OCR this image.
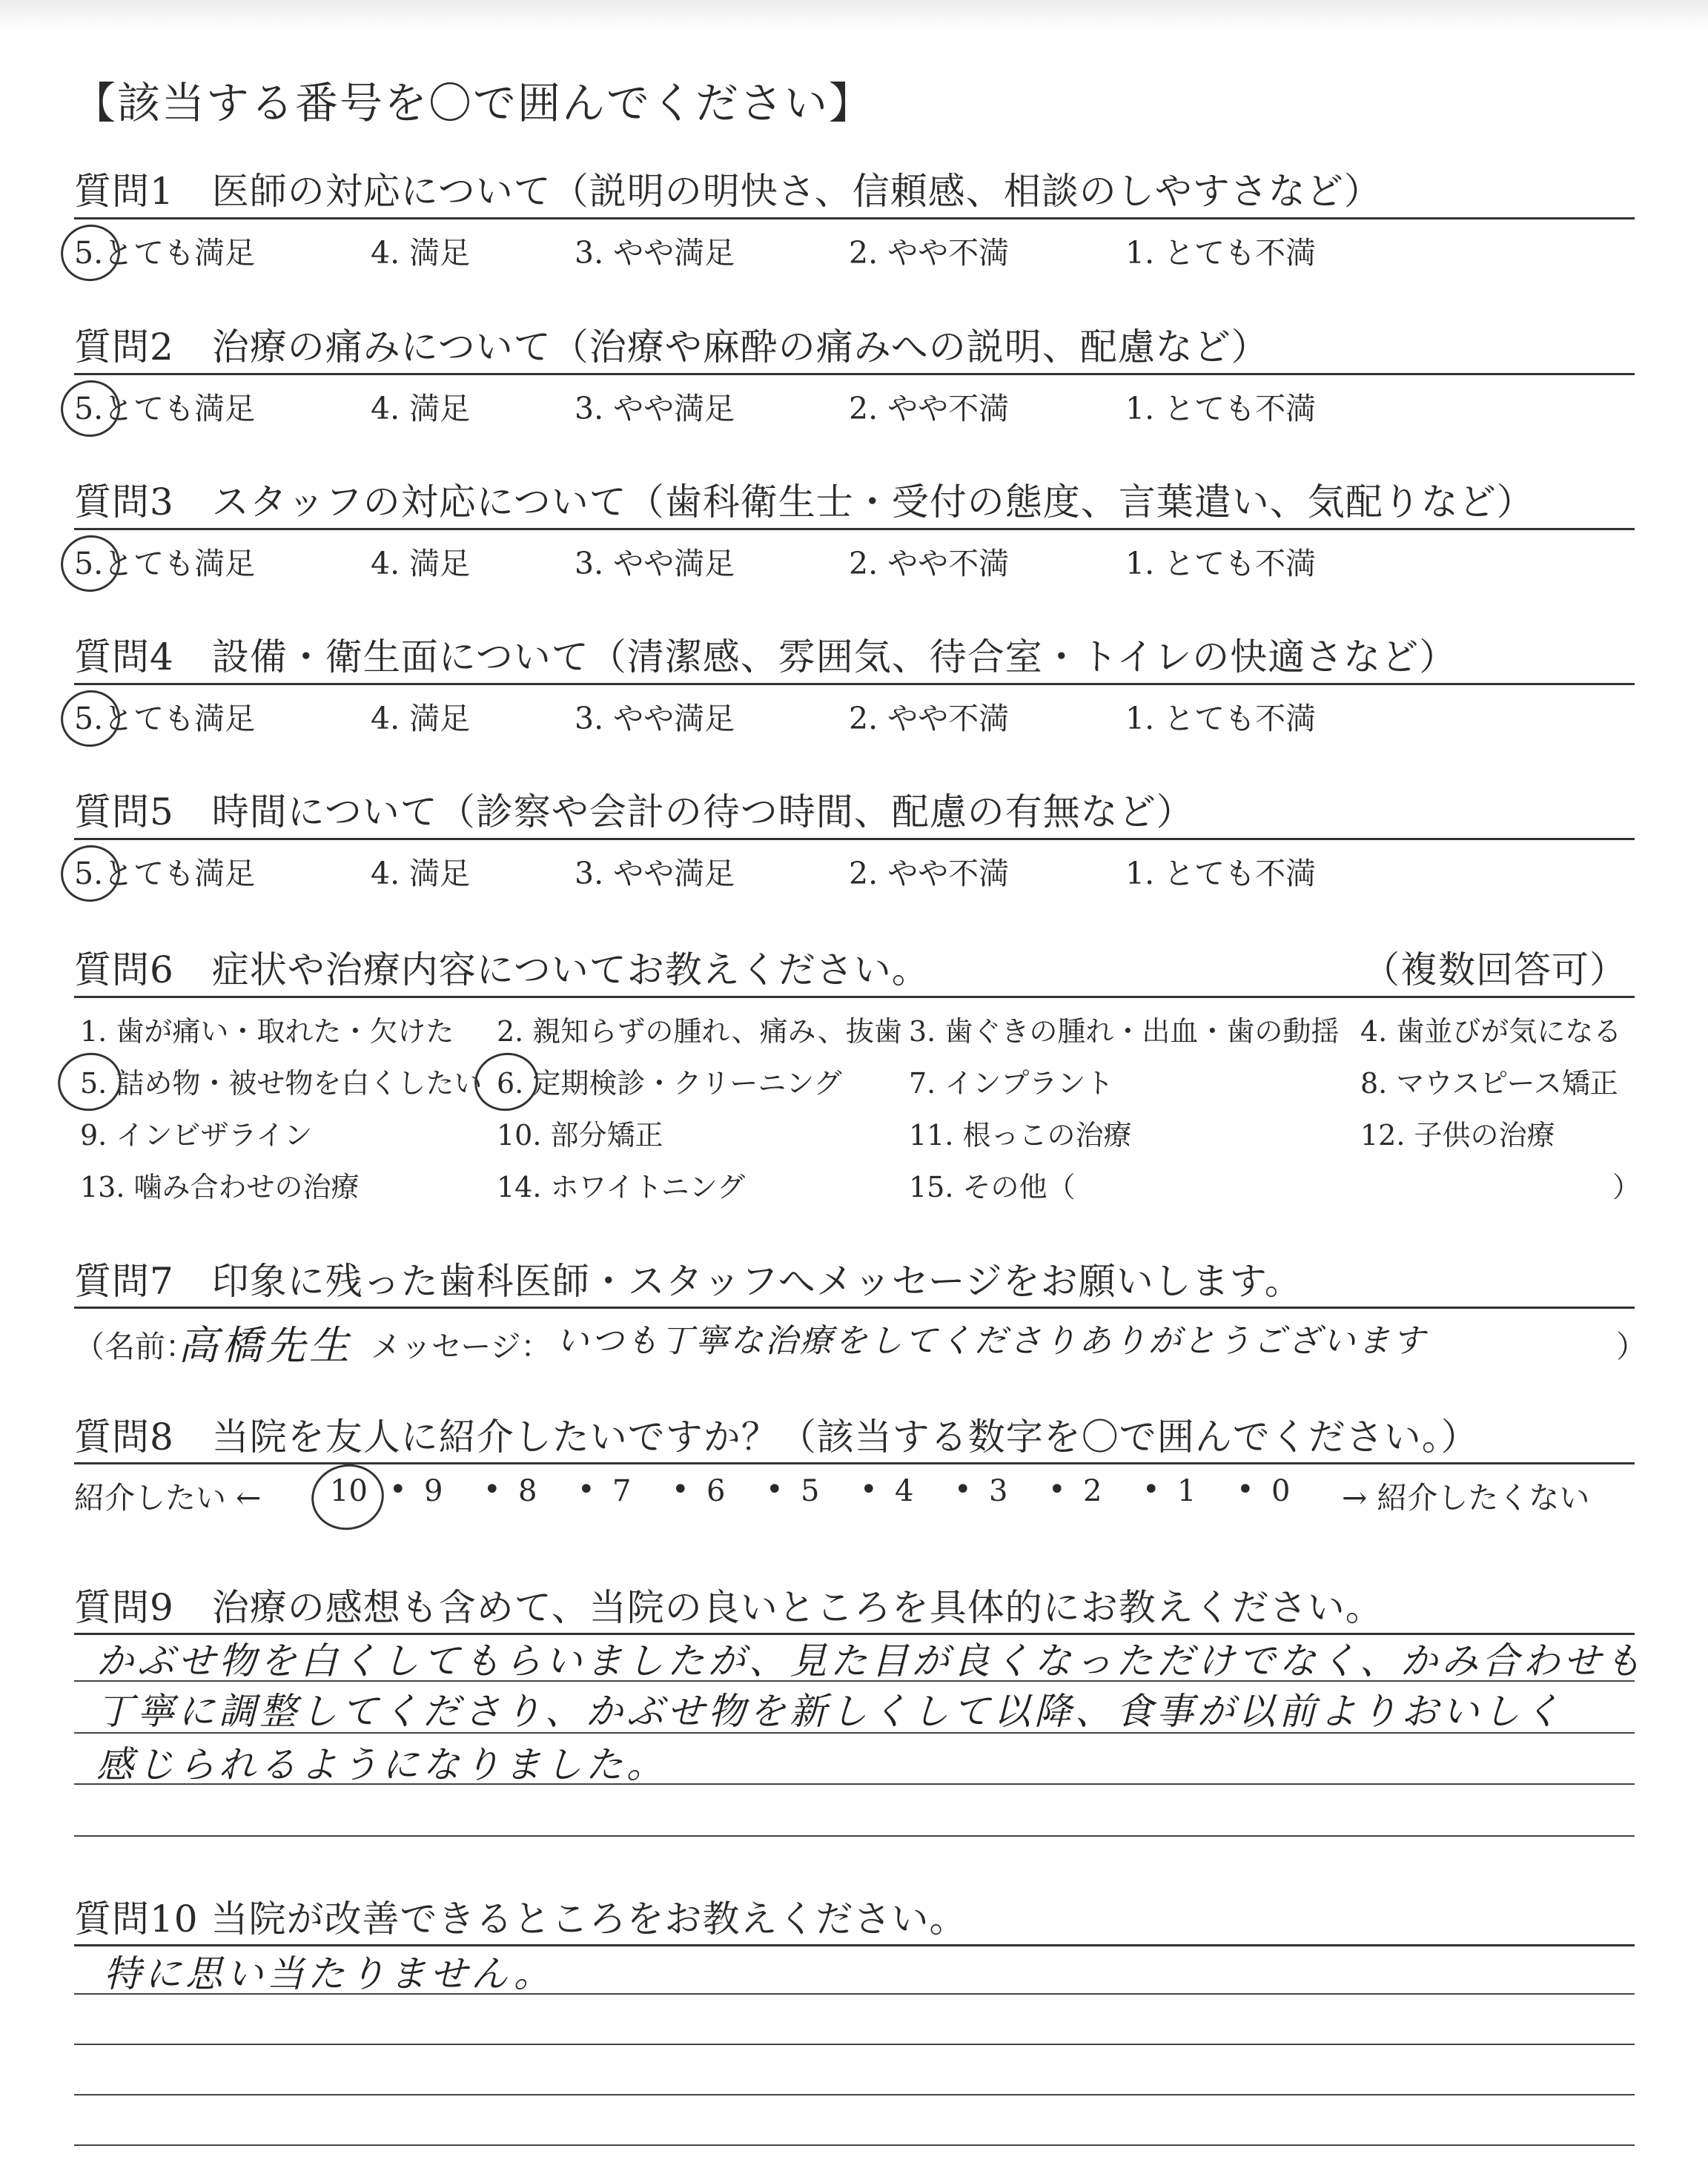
【該当する番号を〇で囲んでください】
質問1　医師の対応について（説明の明快さ、信頼感、相談のしやすさなど）
5.とても満足	4. 満足	3. やや満足	2. やや不満	1. とても不満
質問2　治療の痛みについて（治療や麻酔の痛みへの説明、配慮など）
5.とても満足	4. 満足	3. やや満足	2. やや不満	1. とても不満
質問3　スタッフの対応について（歯科衛生士・受付の態度、言葉遣い、気配りなど）
5.とても満足	4. 満足	3. やや満足	2. やや不満	1. とても不満
質問4　設備・衛生面について（清潔感、雰囲気、待合室・トイレの快適さなど）
5.とても満足	4. 満足	3. やや満足	2. やや不満	1. とても不満
質問5　時間について（診察や会計の待つ時間、配慮の有無など）
5.とても満足	4. 満足	3. やや満足	2. やや不満	1. とても不満
質問6　症状や治療内容についてお教えください。	（複数回答可）
1. 歯が痛い・取れた・欠けた 2. 親知らずの腫れ、痛み、抜歯 3. 歯ぐきの腫れ・出血・歯の動揺 4. 歯並びが気になる
5. 詰め物・被せ物を白くしたい 6. 定期検診・クリーニング 7. インプラント	8. マウスピース矯正
9. インビザライン	10. 部分矯正	11. 根っこの治療	12. 子供の治療
13. 噛み合わせの治療	14. ホワイトニング	15. その他（	）
質問7　印象に残った歯科医師・スタッフへメッセージをお願いします。
（名前：
高橋先生 メッセージ： いつも丁寧な治療をしてくださりありがとうございます	）
質問8　当院を友人に紹介したいですか？（該当する数字を〇で囲んでください。）
紹介したい ←	→ 紹介したくない
10 • 9 • 8 • 7 • 6 • 5 • 4 • 3 • 2 • 1 • 0
質問9　治療の感想も含めて、当院の良いところを具体的にお教えください。
かぶせ物を白くしてもらいましたが、見た目が良くなっただけでなく、かみ合わせも
丁寧に調整してくださり、かぶせ物を新しくして以降、食事が以前よりおいしく
感じられるようになりました。
質問10 当院が改善できるところをお教えください。
特に思い当たりません。
